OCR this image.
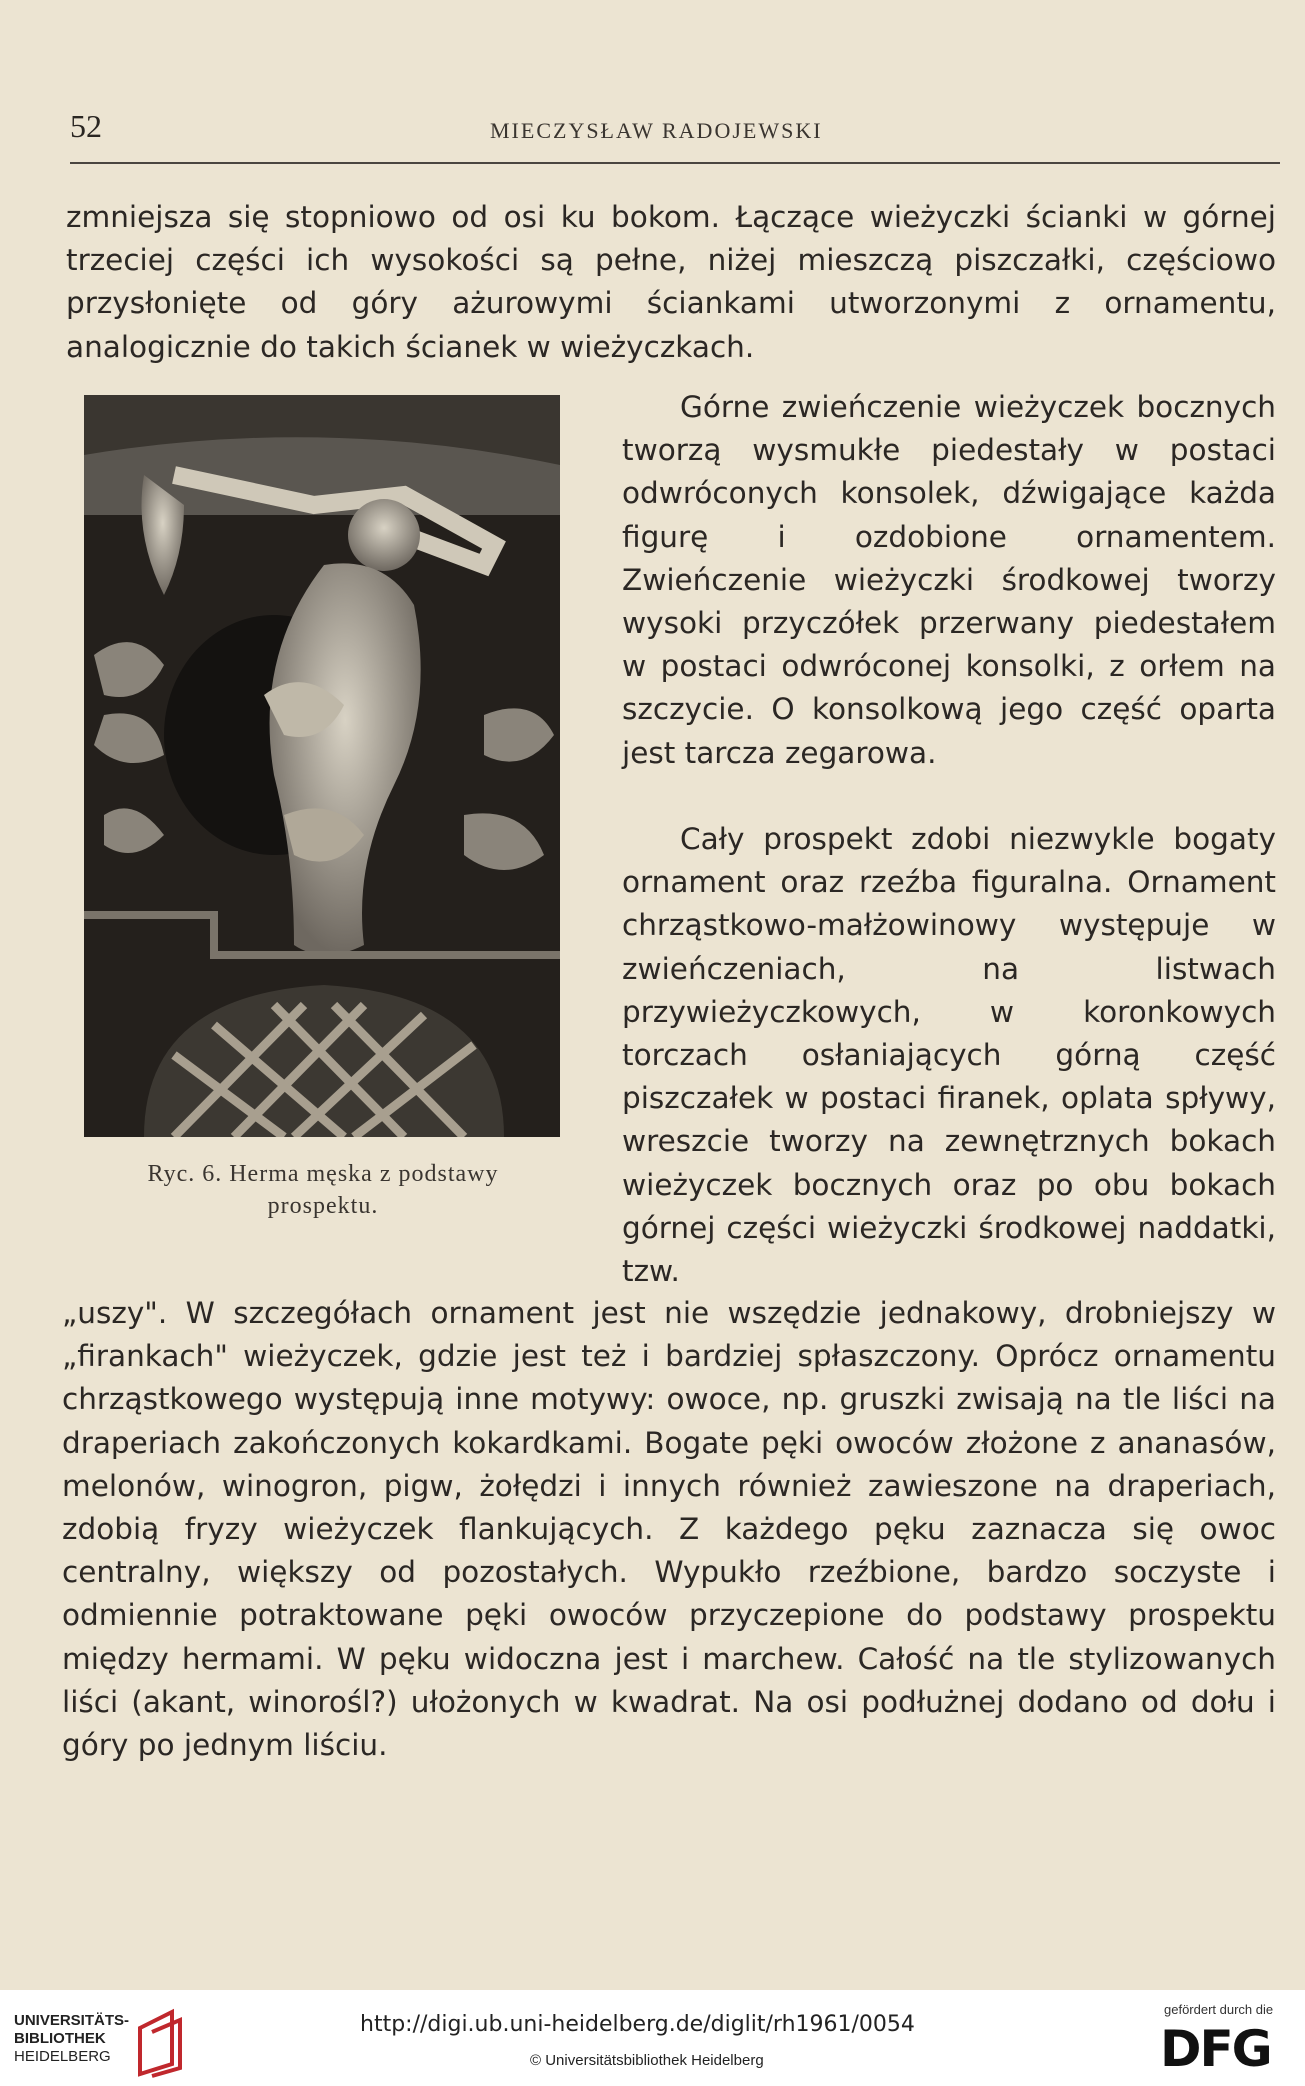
52	MIECZYSŁAW RADOJEWSKI

zmniejsza się stopniowo od osi ku bokom. Łączące wieżyczki ścianki w górnej trzeciej części ich wysokości są pełne, niżej mieszczą piszczałki, częściowo przysłonięte od góry ażurowymi ściankami utworzonymi z ornamentu, analogicznie do takich ścianek w wieżyczkach.

Ryc. 6. Herma męska z podstawy
prospektu.

Górne zwieńczenie wieżyczek bocznych tworzą wysmukłe piedestały w postaci odwróconych konsolek, dźwigające każda figurę i ozdobione ornamentem. Zwieńczenie wieżyczki środkowej tworzy wysoki przyczółek przerwany piedestałem w postaci odwróconej konsolki, z orłem na szczycie. O konsolkową jego część oparta jest tarcza zegarowa.

Cały prospekt zdobi niezwykle bogaty ornament oraz rzeźba figuralna. Ornament chrząstkowo-małżowinowy występuje w zwieńczeniach, na listwach przywieżyczkowych, w koronkowych torczach osłaniających górną część piszczałek w postaci firanek, oplata spływy, wreszcie tworzy na zewnętrznych bokach wieżyczek bocznych oraz po obu bokach górnej części wieżyczki środkowej naddatki, tzw.

„uszy". W szczegółach ornament jest nie wszędzie jednakowy, drobniejszy w „firankach" wieżyczek, gdzie jest też i bardziej spłaszczony. Oprócz ornamentu chrząstkowego występują inne motywy: owoce, np. gruszki zwisają na tle liści na draperiach zakończonych kokardkami. Bogate pęki owoców złożone z ananasów, melonów, winogron, pigw, żołędzi i innych również zawieszone na draperiach, zdobią fryzy wieżyczek flankujących. Z każdego pęku zaznacza się owoc centralny, większy od pozostałych. Wypukło rzeźbione, bardzo soczyste i odmiennie potraktowane pęki owoców przyczepione do podstawy prospektu między hermami. W pęku widoczna jest i marchew. Całość na tle stylizowanych liści (akant, winorośl?) ułożonych w kwadrat. Na osi podłużnej dodano od dołu i góry po jednym liściu.

UNIVERSITÄTS-
BIBLIOTHEK
HEIDELBERG
http://digi.ub.uni-heidelberg.de/diglit/rh1961/0054
© Universitätsbibliothek Heidelberg
gefördert durch die
DFG
